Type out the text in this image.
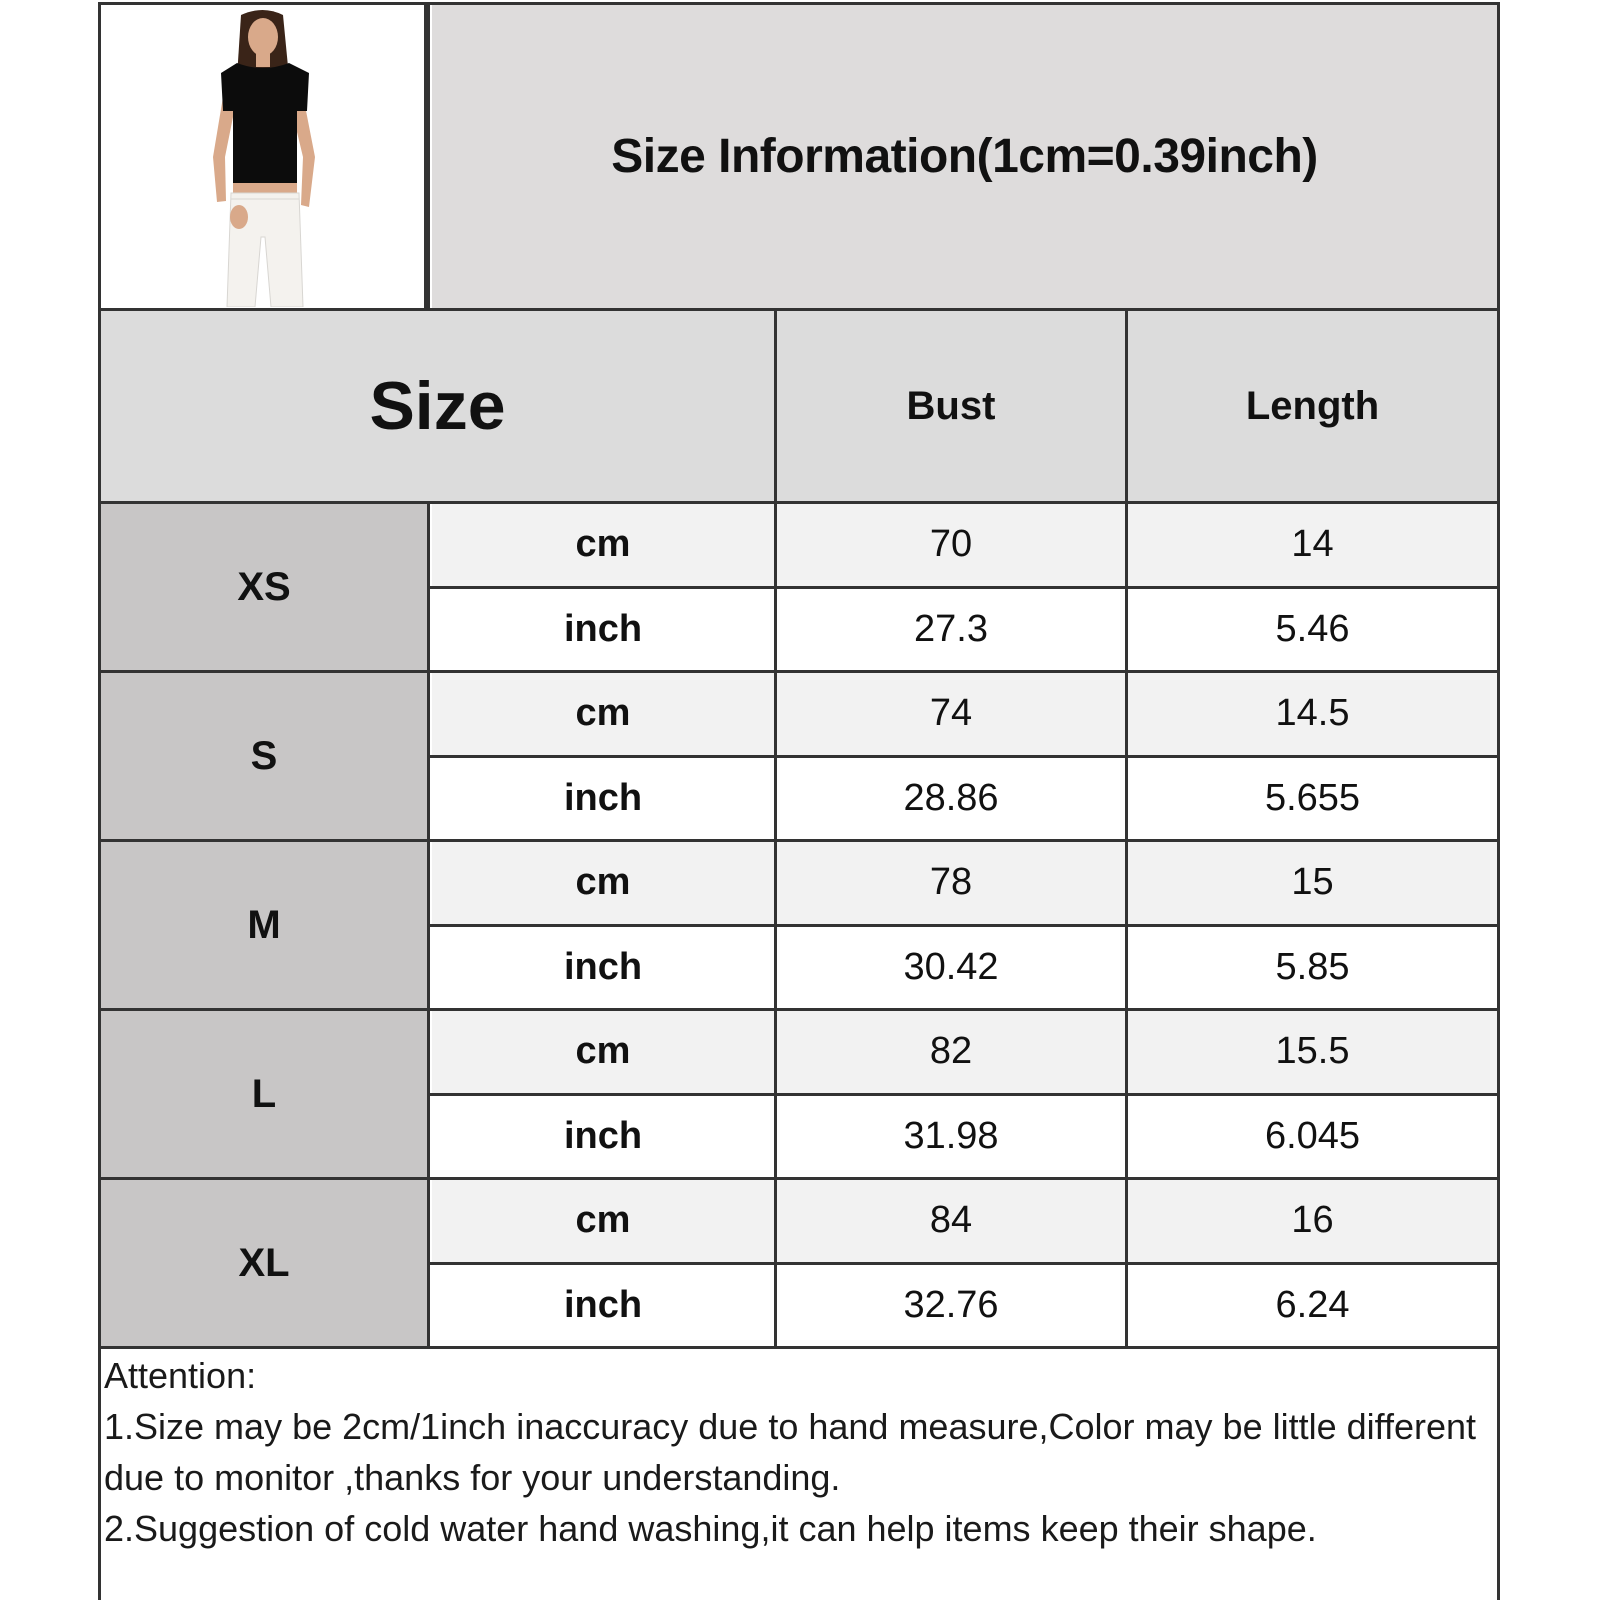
Size Information(1cm=0.39inch)
Size	Bust	Length
XS
cm	70	14
inch	27.3	5.46
S
cm	74	14.5
inch	28.86	5.655
M
cm	78	15
inch	30.42	5.85
L
cm	82	15.5
inch	31.98	6.045
XL
cm	84	16
inch	32.76	6.24
Attention:
1.Size may be 2cm/1inch inaccuracy due to hand measure,Color may be little different due to monitor ,thanks for your understanding.
2.Suggestion of cold water hand washing,it can help items keep their shape.
